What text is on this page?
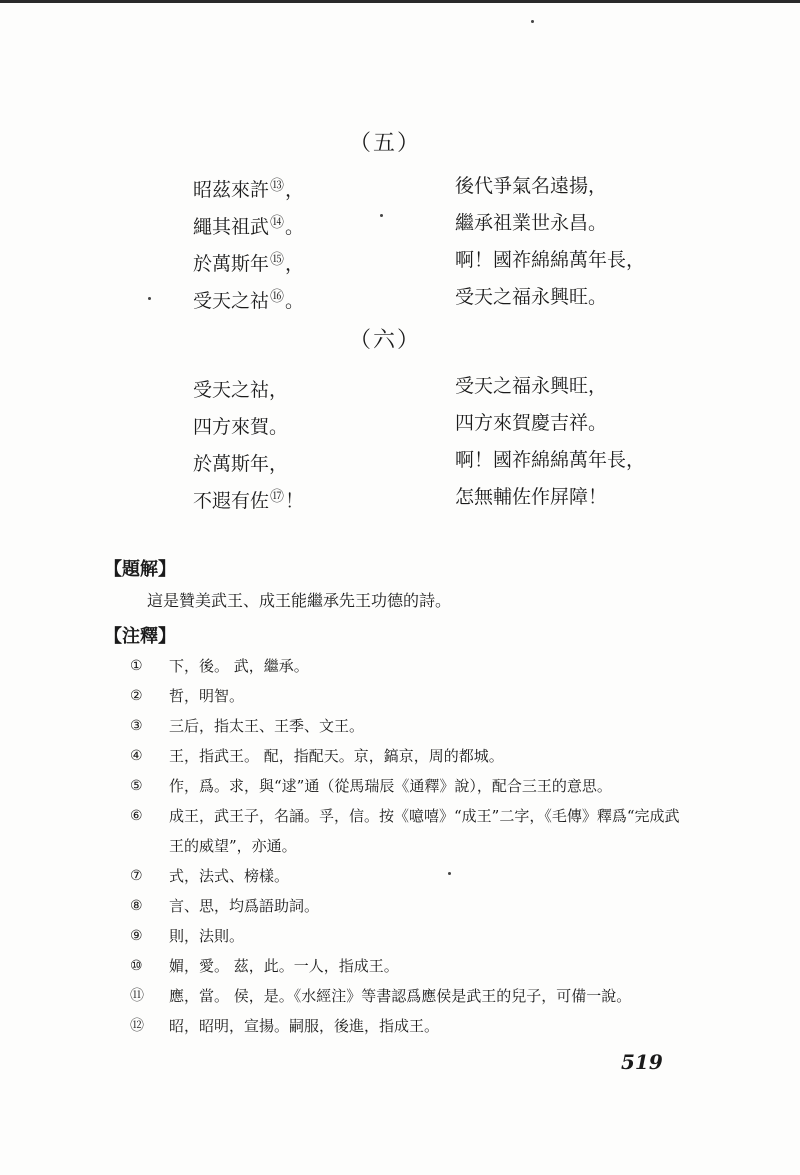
（五）
昭茲來許⑬，	後代爭氣名遠揚，
繩其祖武⑭。	繼承祖業世永昌。
於萬斯年⑮，	啊！國祚綿綿萬年長，
受天之祜⑯。	受天之福永興旺。
（六）
受天之祜，	受天之福永興旺，
四方來賀。	四方來賀慶吉祥。
於萬斯年，	啊！國祚綿綿萬年長，
不遐有佐⑰！	怎無輔佐作屏障！
【題解】
這是贊美武王、成王能繼承先王功德的詩。
【注釋】
①	下，後。 武，繼承。
②	哲，明智。
③	三后，指太王、王季、文王。
④	王，指武王。 配，指配天。京，鎬京，周的都城。
⑤	作，爲。求，與“逑”通（從馬瑞辰《通釋》說），配合三王的意思。
⑥	成王，武王子，名誦。孚，信。按《噫嘻》“成王”二字，《毛傳》釋爲“完成武王的威望”，亦通。
⑦	式，法式、榜樣。
⑧	言、思，均爲語助詞。
⑨	則，法則。
⑩	媚，愛。 茲，此。一人，指成王。
⑪	應，當。 侯，是。《水經注》等書認爲應侯是武王的兒子，可備一說。
⑫	昭，昭明，宣揚。嗣服，後進，指成王。
519
